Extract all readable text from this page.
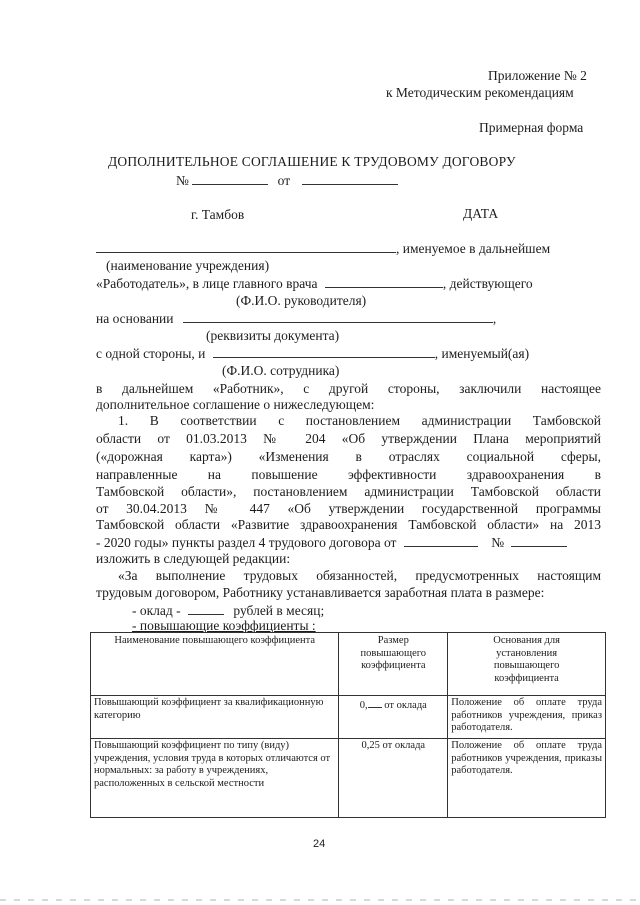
Приложение № 2
к Методическим рекомендациям
Примерная форма
ДОПОЛНИТЕЛЬНОЕ СОГЛАШЕНИЕ К ТРУДОВОМУ ДОГОВОРУ
№	от
г. Тамбов	ДАТА
, именуемое в дальнейшем
(наименование учреждения)
«Работодатель», в лице главного врача	, действующего
(Ф.И.О. руководителя)
на основании	,
(реквизиты документа)
с одной стороны, и	, именуемый(ая)
(Ф.И.О. сотрудника)
в дальнейшем «Работник», с другой стороны, заключили настоящее
дополнительное соглашение о нижеследующем:
1. В соответствии с постановлением администрации Тамбовской
области от 01.03.2013 № 204 «Об утверждении Плана мероприятий
(«дорожная карта») «Изменения в отраслях социальной сферы,
направленные на повышение эффективности здравоохранения в
Тамбовской области», постановлением администрации Тамбовской области
от 30.04.2013 № 447 «Об утверждении государственной программы
Тамбовской области «Развитие здравоохранения Тамбовской области» на 2013
- 2020 годы» пункты раздел 4 трудового договора от	№
изложить в следующей редакции:
«За выполнение трудовых обязанностей, предусмотренных настоящим
трудовым договором, Работнику устанавливается заработная плата в размере:
- оклад -	рублей в месяц;
- повышающие коэффициенты :
Наименование повышающего коэффициента	Размер повышающего коэффициента	Основания для установления повышающего коэффициента
Повышающий коэффициент за квалификационную категорию	0, от оклада	Положение об оплате труда работников учреждения, приказ работодателя.
Повышающий коэффициент по типу (виду) учреждения, условия труда в которых отличаются от нормальных: за работу в учреждениях, расположенных в сельской местности	0,25 от оклада	Положение об оплате труда работников учреждения, приказы работодателя.
24
